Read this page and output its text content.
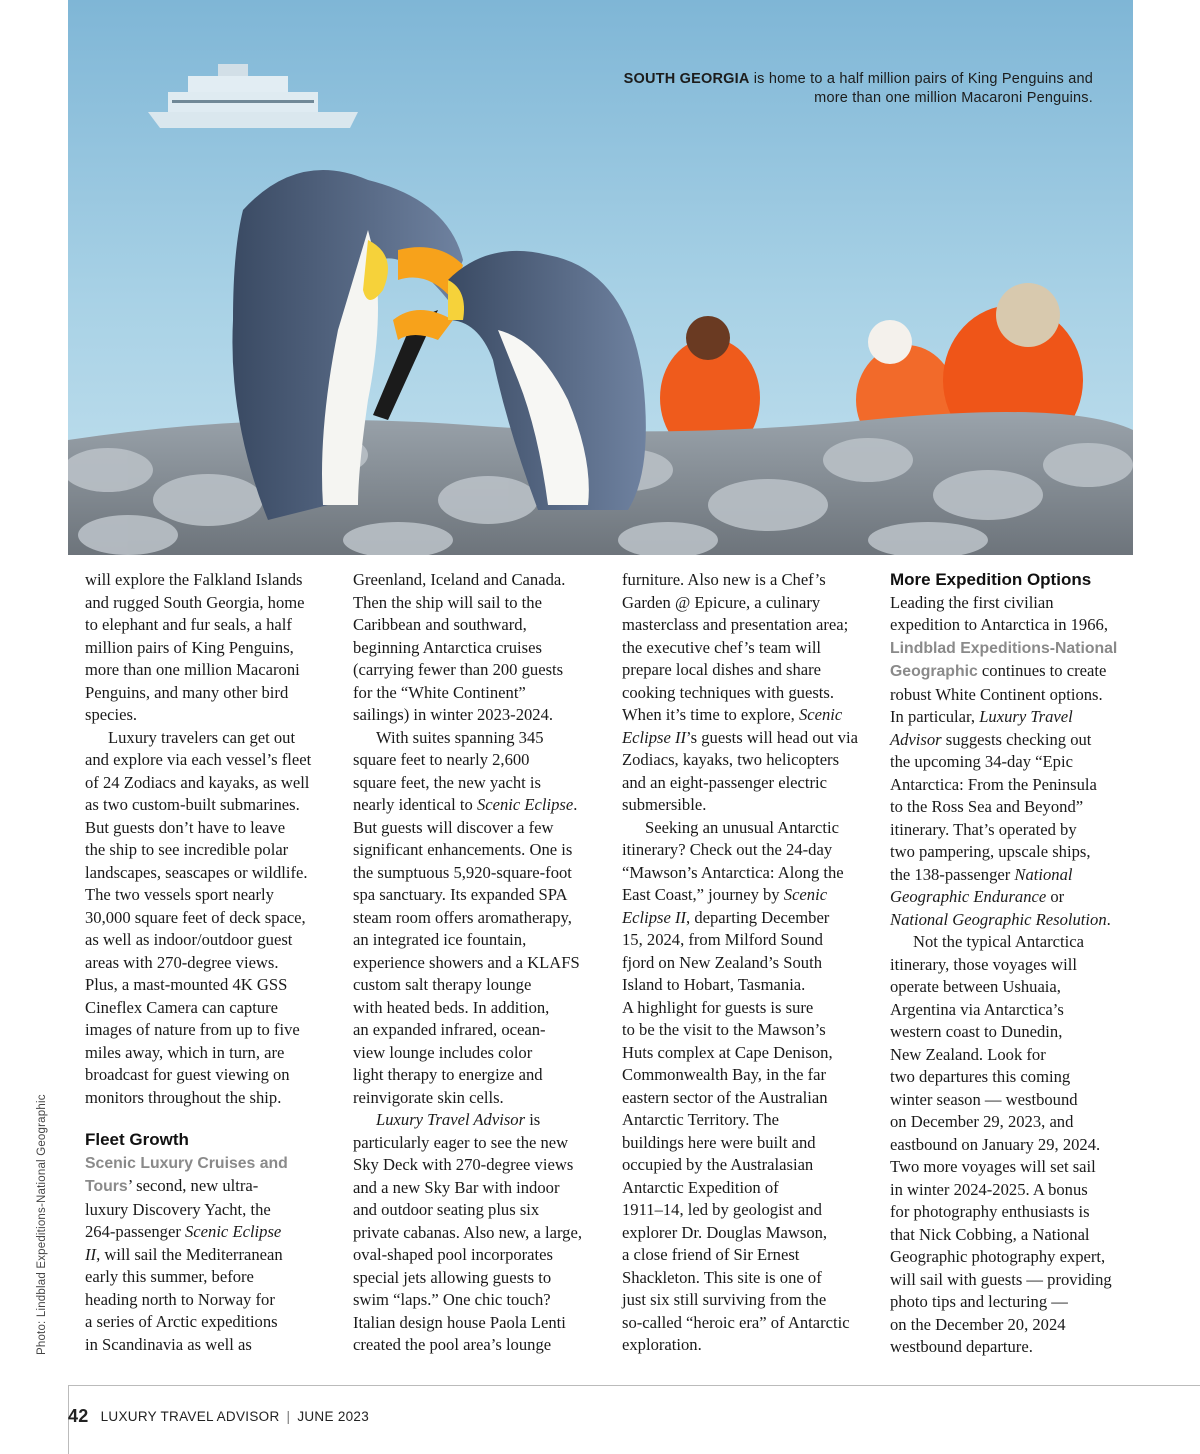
SOUTH GEORGIA is home to a half million pairs of King Penguins and
more than one million Macaroni Penguins.
Photo: Lindblad Expeditions-National Geographic

will explore the Falkland Islands
and rugged South Georgia, home
to elephant and fur seals, a half
million pairs of King Penguins,
more than one million Macaroni
Penguins, and many other bird
species.

Luxury travelers can get out
and explore via each vessel’s fleet
of 24 Zodiacs and kayaks, as well
as two custom-built submarines.
But guests don’t have to leave
the ship to see incredible polar
landscapes, seascapes or wildlife.
The two vessels sport nearly
30,000 square feet of deck space,
as well as indoor/outdoor guest
areas with 270-degree views.
Plus, a mast-mounted 4K GSS
Cineflex Camera can capture
images of nature from up to five
miles away, which in turn, are
broadcast for guest viewing on
monitors throughout the ship.

Fleet Growth

Scenic Luxury Cruises and
Tours’ second, new ultra-
luxury Discovery Yacht, the
264-passenger Scenic Eclipse
II, will sail the Mediterranean
early this summer, before
heading north to Norway for
a series of Arctic expeditions
in Scandinavia as well as

Greenland, Iceland and Canada.
Then the ship will sail to the
Caribbean and southward,
beginning Antarctica cruises
(carrying fewer than 200 guests
for the “White Continent”
sailings) in winter 2023-2024.

With suites spanning 345
square feet to nearly 2,600
square feet, the new yacht is
nearly identical to Scenic Eclipse.
But guests will discover a few
significant enhancements. One is
the sumptuous 5,920-square-foot
spa sanctuary. Its expanded SPA
steam room offers aromatherapy,
an integrated ice fountain,
experience showers and a KLAFS
custom salt therapy lounge
with heated beds. In addition,
an expanded infrared, ocean-
view lounge includes color
light therapy to energize and
reinvigorate skin cells.

Luxury Travel Advisor is
particularly eager to see the new
Sky Deck with 270-degree views
and a new Sky Bar with indoor
and outdoor seating plus six
private cabanas. Also new, a large,
oval-shaped pool incorporates
special jets allowing guests to
swim “laps.” One chic touch?
Italian design house Paola Lenti
created the pool area’s lounge

furniture. Also new is a Chef’s
Garden @ Epicure, a culinary
masterclass and presentation area;
the executive chef’s team will
prepare local dishes and share
cooking techniques with guests.
When it’s time to explore, Scenic
Eclipse II’s guests will head out via
Zodiacs, kayaks, two helicopters
and an eight-passenger electric
submersible.

Seeking an unusual Antarctic
itinerary? Check out the 24-day
“Mawson’s Antarctica: Along the
East Coast,” journey by Scenic
Eclipse II, departing December
15, 2024, from Milford Sound
fjord on New Zealand’s South
Island to Hobart, Tasmania.
A highlight for guests is sure
to be the visit to the Mawson’s
Huts complex at Cape Denison,
Commonwealth Bay, in the far
eastern sector of the Australian
Antarctic Territory. The
buildings here were built and
occupied by the Australasian
Antarctic Expedition of
1911–14, led by geologist and
explorer Dr. Douglas Mawson,
a close friend of Sir Ernest
Shackleton. This site is one of
just six still surviving from the
so-called “heroic era” of Antarctic
exploration.

More Expedition Options

Leading the first civilian
expedition to Antarctica in 1966,
Lindblad Expeditions-National
Geographic continues to create
robust White Continent options.
In particular, Luxury Travel
Advisor suggests checking out
the upcoming 34-day “Epic
Antarctica: From the Peninsula
to the Ross Sea and Beyond”
itinerary. That’s operated by
two pampering, upscale ships,
the 138-passenger National
Geographic Endurance or
National Geographic Resolution.

Not the typical Antarctica
itinerary, those voyages will
operate between Ushuaia,
Argentina via Antarctica’s
western coast to Dunedin,
New Zealand. Look for
two departures this coming
winter season — westbound
on December 29, 2023, and
eastbound on January 29, 2024.
Two more voyages will set sail
in winter 2024-2025. A bonus
for photography enthusiasts is
that Nick Cobbing, a National
Geographic photography expert,
will sail with guests — providing
photo tips and lecturing —
on the December 20, 2024
westbound departure.

42 LUXURY TRAVEL ADVISOR | JUNE 2023
